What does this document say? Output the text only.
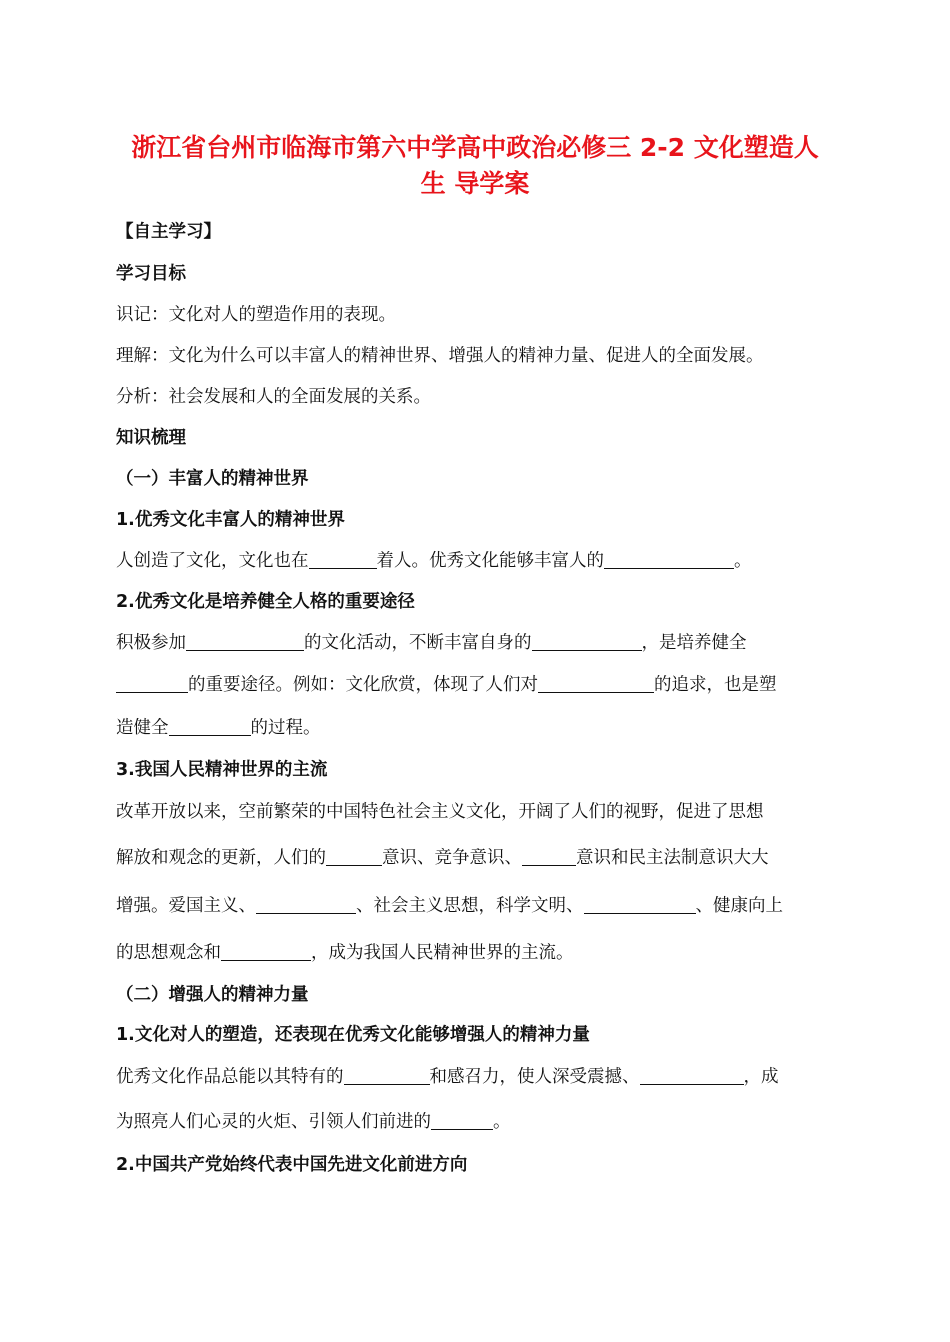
浙江省台州市临海市第六中学高中政治必修三 2-2 文化塑造人
生 导学案
【自主学习】
学习目标
识记：文化对人的塑造作用的表现。
理解：文化为什么可以丰富人的精神世界、增强人的精神力量、促进人的全面发展。
分析：社会发展和人的全面发展的关系。
知识梳理
（一）丰富人的精神世界
1.优秀文化丰富人的精神世界
人创造了文化，文化也在	着人。优秀文化能够丰富人的	。
2.优秀文化是培养健全人格的重要途径
积极参加	的文化活动，不断丰富自身的	，是培养健全
的重要途径。例如：文化欣赏，体现了人们对	的追求，也是塑
造健全	的过程。
3.我国人民精神世界的主流
改革开放以来，空前繁荣的中国特色社会主义文化，开阔了人们的视野，促进了思想
解放和观念的更新，人们的	意识、竞争意识、	意识和民主法制意识大大
增强。爱国主义、	、社会主义思想，科学文明、	、健康向上
的思想观念和	，成为我国人民精神世界的主流。
（二）增强人的精神力量
1.文化对人的塑造，还表现在优秀文化能够增强人的精神力量
优秀文化作品总能以其特有的	和感召力，使人深受震撼、	，成
为照亮人们心灵的火炬、引领人们前进的	。
2.中国共产党始终代表中国先进文化前进方向
